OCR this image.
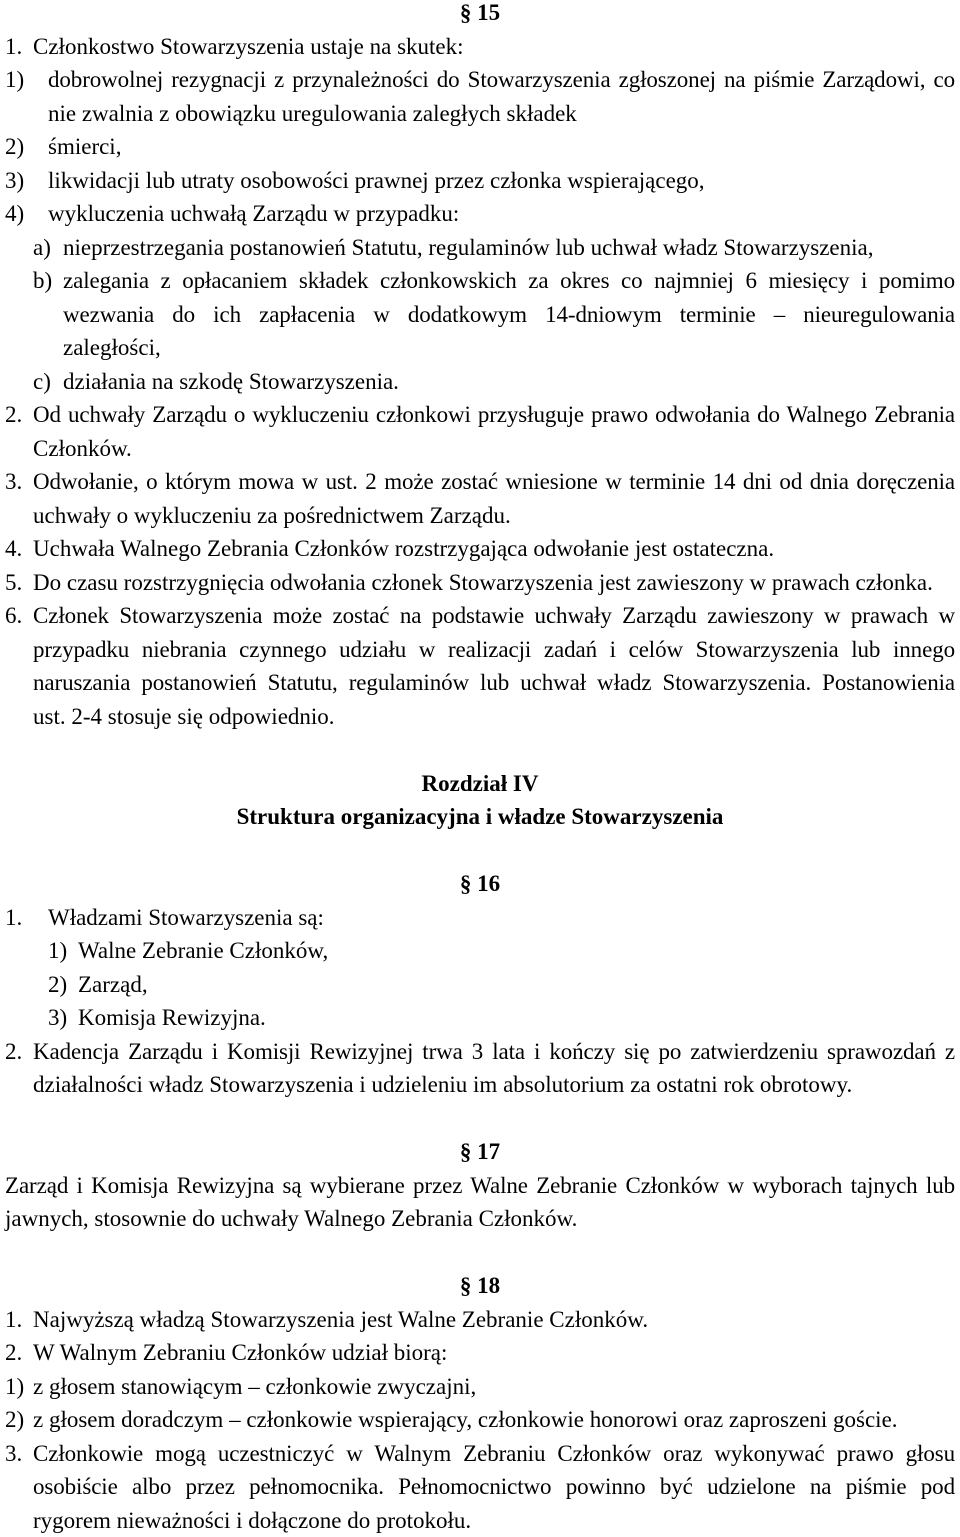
§ 15
1. Członkostwo Stowarzyszenia ustaje na skutek:
1)	dobrowolnej rezygnacji z przynależności do Stowarzyszenia zgłoszonej na piśmie Zarządowi, co
nie zwalnia z obowiązku uregulowania zaległych składek
2)	śmierci,
3)	likwidacji lub utraty osobowości prawnej przez członka wspierającego,
4)	wykluczenia uchwałą Zarządu w przypadku:
a) nieprzestrzegania postanowień Statutu, regulaminów lub uchwał władz Stowarzyszenia,
b) zalegania z opłacaniem składek członkowskich za okres co najmniej 6 miesięcy i pomimo
wezwania do ich zapłacenia w dodatkowym 14-dniowym terminie – nieuregulowania
zaległości,
c) działania na szkodę Stowarzyszenia.
2. Od uchwały Zarządu o wykluczeniu członkowi przysługuje prawo odwołania do Walnego Zebrania
Członków.
3. Odwołanie, o którym mowa w ust. 2 może zostać wniesione w terminie 14 dni od dnia doręczenia
uchwały o wykluczeniu za pośrednictwem Zarządu.
4. Uchwała Walnego Zebrania Członków rozstrzygająca odwołanie jest ostateczna.
5. Do czasu rozstrzygnięcia odwołania członek Stowarzyszenia jest zawieszony w prawach członka.
6. Członek Stowarzyszenia może zostać na podstawie uchwały Zarządu zawieszony w prawach w
przypadku niebrania czynnego udziału w realizacji zadań i celów Stowarzyszenia lub innego
naruszania postanowień Statutu, regulaminów lub uchwał władz Stowarzyszenia. Postanowienia
ust. 2-4 stosuje się odpowiednio.
Rozdział IV
Struktura organizacyjna i władze Stowarzyszenia
§ 16
1.	Władzami Stowarzyszenia są:
1) Walne Zebranie Członków,
2) Zarząd,
3) Komisja Rewizyjna.
2. Kadencja Zarządu i Komisji Rewizyjnej trwa 3 lata i kończy się po zatwierdzeniu sprawozdań z
działalności władz Stowarzyszenia i udzieleniu im absolutorium za ostatni rok obrotowy.
§ 17
Zarząd i Komisja Rewizyjna są wybierane przez Walne Zebranie Członków w wyborach tajnych lub
jawnych, stosownie do uchwały Walnego Zebrania Członków.
§ 18
1. Najwyższą władzą Stowarzyszenia jest Walne Zebranie Członków.
2. W Walnym Zebraniu Członków udział biorą:
1) z głosem stanowiącym – członkowie zwyczajni,
2) z głosem doradczym – członkowie wspierający, członkowie honorowi oraz zaproszeni goście.
3. Członkowie mogą uczestniczyć w Walnym Zebraniu Członków oraz wykonywać prawo głosu
osobiście albo przez pełnomocnika. Pełnomocnictwo powinno być udzielone na piśmie pod
rygorem nieważności i dołączone do protokołu.
